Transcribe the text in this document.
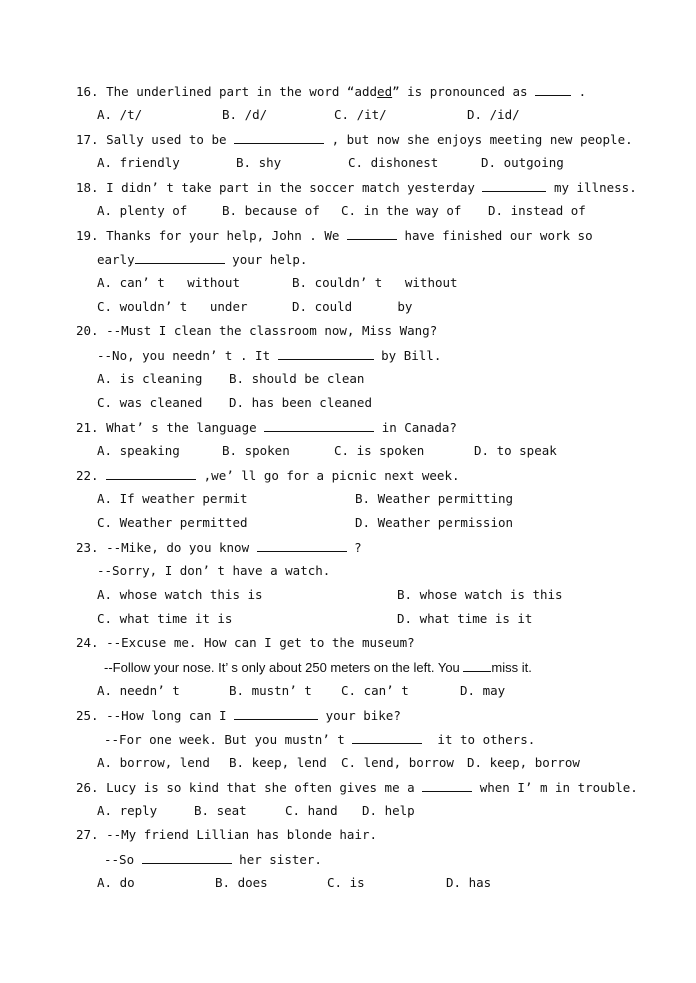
16. The underlined part in the word “added” is pronounced as	.
A. /t/	B. /d/	C. /it/	D. /id/
17. Sally used to be	, but now she enjoys meeting new people.
A. friendly	B. shy	C. dishonest	D. outgoing
18. I didn’ t take part in the soccer match yesterday	my illness.
A. plenty of	B. because of C. in the way of D. instead of
19. Thanks for your help, John . We	have finished our work so
early	your help.
A. can’ t   without	B. couldn’ t   without
C. wouldn’ t   under	D. could      by
20. --Must I clean the classroom now, Miss Wang?
--No, you needn’ t . It	by Bill.
A. is cleaning B. should be clean
C. was cleaned D. has been cleaned
21. What’ s the language	in Canada?
A. speaking	B. spoken	C. is spoken	D. to speak
22.	,we’ ll go for a picnic next week.
A. If weather permit	B. Weather permitting
C. Weather permitted	D. Weather permission
23. --Mike, do you know	?
--Sorry, I don’ t have a watch.
A. whose watch this is	B. whose watch is this
C. what time it is	D. what time is it
24. --Excuse me. How can I get to the museum?
--Follow your nose. It’ s only about 250 meters on the left. You miss it.
A. needn’ t	B. mustn’ t C. can’ t	D. may
25. --How long can I	your bike?
--For one week. But you mustn’ t	it to others.
A. borrow, lend B. keep, lend C. lend, borrow D. keep, borrow
26. Lucy is so kind that she often gives me a	when I’ m in trouble.
A. reply	B. seat	C. hand D. help
27. --My friend Lillian has blonde hair.
--So	her sister.
A. do	B. does	C. is	D. has
